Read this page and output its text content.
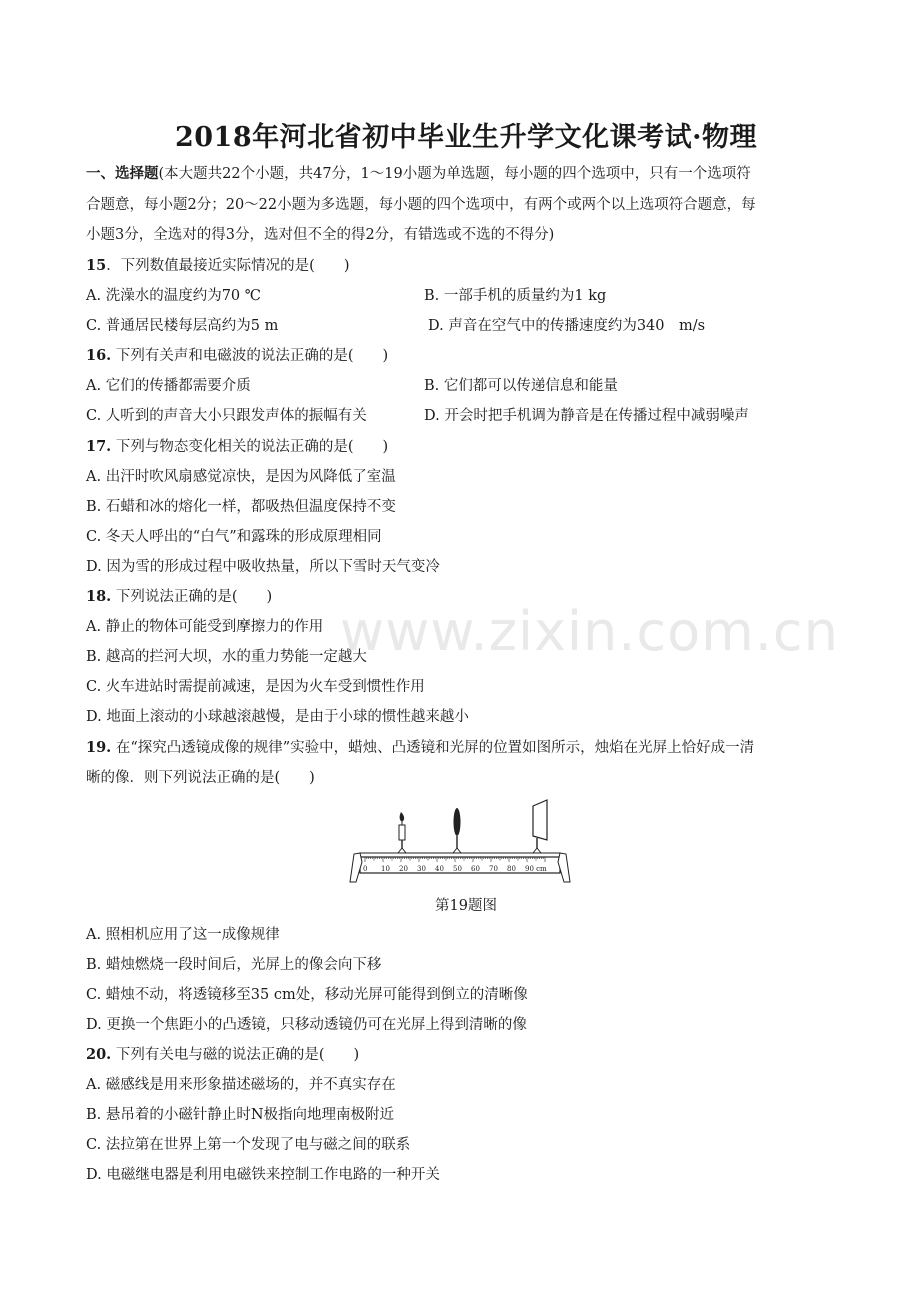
www.zixin.com.cn
2018年河北省初中毕业生升学文化课考试·物理
一、选择题(本大题共22个小题，共47分，1～19小题为单选题，每小题的四个选项中，只有一个选项符
合题意，每小题2分；20～22小题为多选题，每小题的四个选项中，有两个或两个以上选项符合题意，每
小题3分，全选对的得3分，选对但不全的得2分，有错选或不选的不得分)
15．下列数值最接近实际情况的是(　　)
A. 洗澡水的温度约为70 ℃	B. 一部手机的质量约为1 kg
C. 普通居民楼每层高约为5 m	D. 声音在空气中的传播速度约为340　m/s
16. 下列有关声和电磁波的说法正确的是(　　)
A. 它们的传播都需要介质	B. 它们都可以传递信息和能量
C. 人听到的声音大小只跟发声体的振幅有关	D. 开会时把手机调为静音是在传播过程中减弱噪声
17. 下列与物态变化相关的说法正确的是(　　)
A. 出汗时吹风扇感觉凉快，是因为风降低了室温
B. 石蜡和冰的熔化一样，都吸热但温度保持不变
C. 冬天人呼出的“白气”和露珠的形成原理相同
D. 因为雪的形成过程中吸收热量，所以下雪时天气变冷
18. 下列说法正确的是(　　)
A. 静止的物体可能受到摩擦力的作用
B. 越高的拦河大坝，水的重力势能一定越大
C. 火车进站时需提前减速，是因为火车受到惯性作用
D. 地面上滚动的小球越滚越慢，是由于小球的惯性越来越小
19. 在“探究凸透镜成像的规律”实验中，蜡烛、凸透镜和光屏的位置如图所示，烛焰在光屏上恰好成一清
晰的像．则下列说法正确的是(　　)
0 10 20 30 40 50 60 70 80 90 cm
第19题图
A. 照相机应用了这一成像规律
B. 蜡烛燃烧一段时间后，光屏上的像会向下移
C. 蜡烛不动，将透镜移至35 cm处，移动光屏可能得到倒立的清晰像
D. 更换一个焦距小的凸透镜，只移动透镜仍可在光屏上得到清晰的像
20. 下列有关电与磁的说法正确的是(　　)
A. 磁感线是用来形象描述磁场的，并不真实存在
B. 悬吊着的小磁针静止时N极指向地理南极附近
C. 法拉第在世界上第一个发现了电与磁之间的联系
D. 电磁继电器是利用电磁铁来控制工作电路的一种开关
